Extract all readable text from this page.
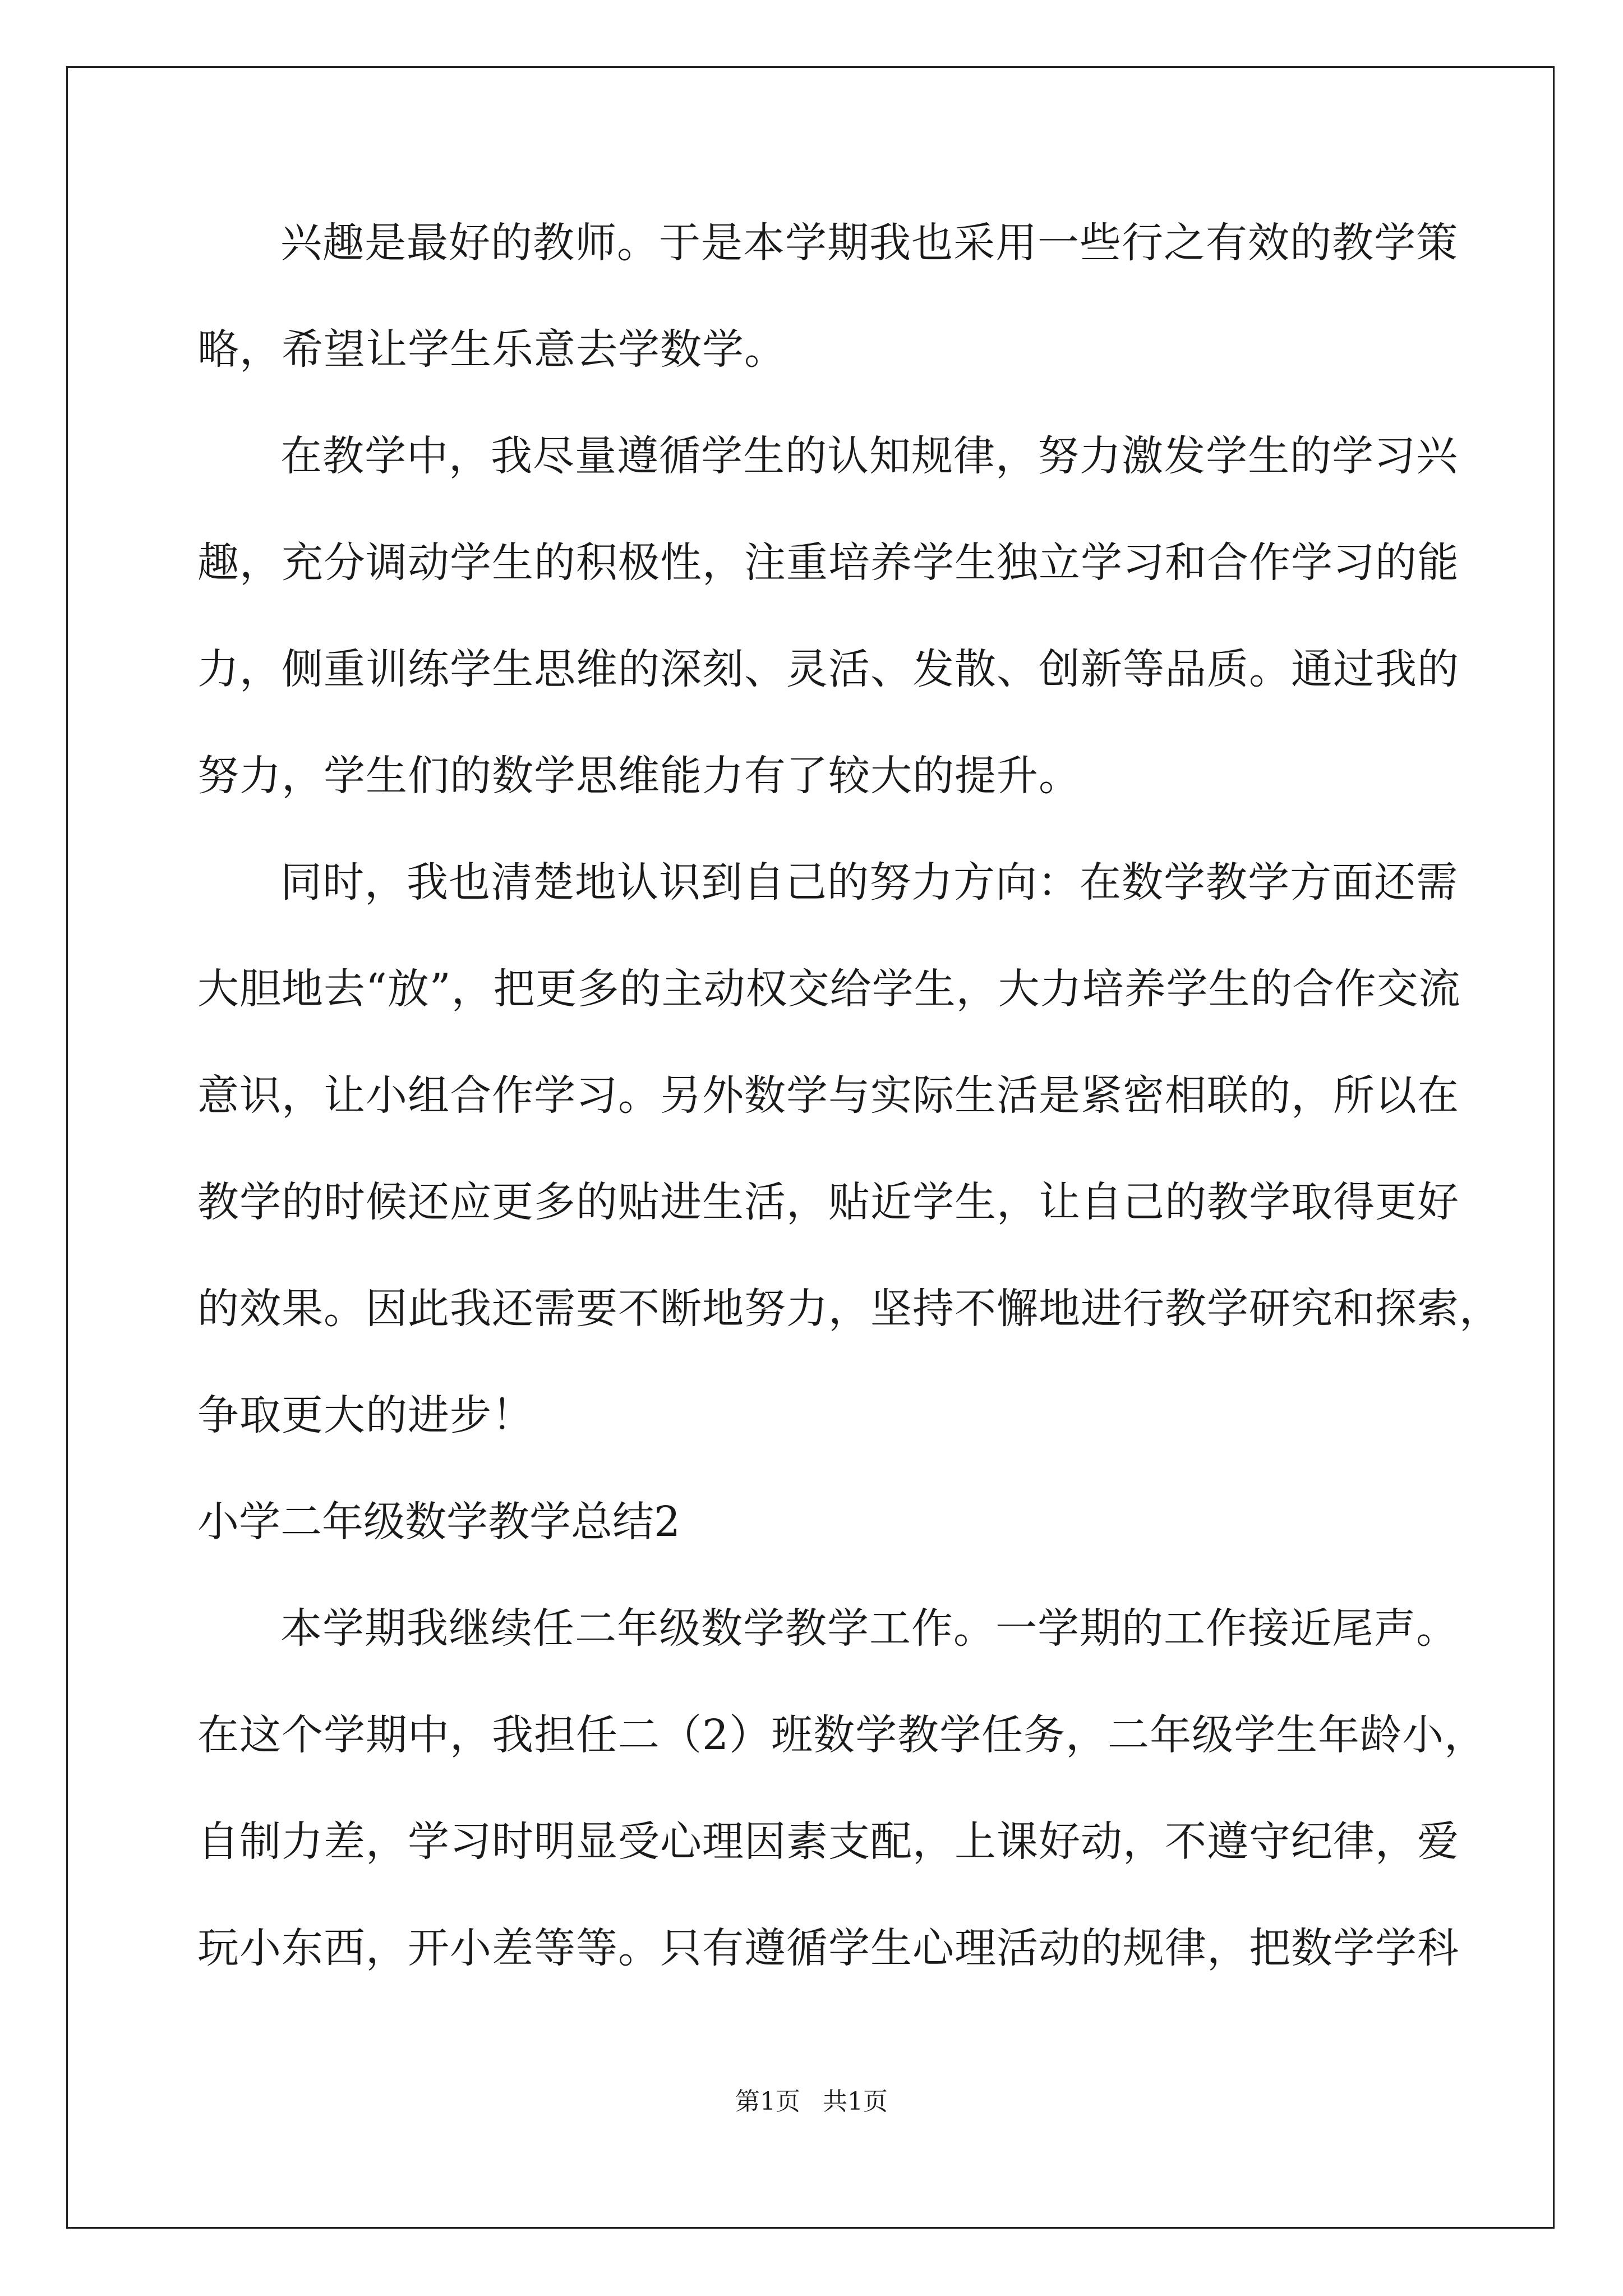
兴趣是最好的教师。于是本学期我也采用一些行之有效的教学策
略，希望让学生乐意去学数学。
在教学中，我尽量遵循学生的认知规律，努力激发学生的学习兴
趣，充分调动学生的积极性，注重培养学生独立学习和合作学习的能
力，侧重训练学生思维的深刻、灵活、发散、创新等品质。通过我的
努力，学生们的数学思维能力有了较大的提升。
同时，我也清楚地认识到自己的努力方向：在数学教学方面还需
大胆地去“放”，把更多的主动权交给学生，大力培养学生的合作交流
意识，让小组合作学习。另外数学与实际生活是紧密相联的，所以在
教学的时候还应更多的贴进生活，贴近学生，让自己的教学取得更好
的效果。因此我还需要不断地努力，坚持不懈地进行教学研究和探索，
争取更大的进步！
小学二年级数学教学总结2
本学期我继续任二年级数学教学工作。一学期的工作接近尾声。
在这个学期中，我担任二（2）班数学教学任务，二年级学生年龄小，
自制力差，学习时明显受心理因素支配，上课好动，不遵守纪律，爱
玩小东西，开小差等等。只有遵循学生心理活动的规律，把数学学科
第1页 共1页
